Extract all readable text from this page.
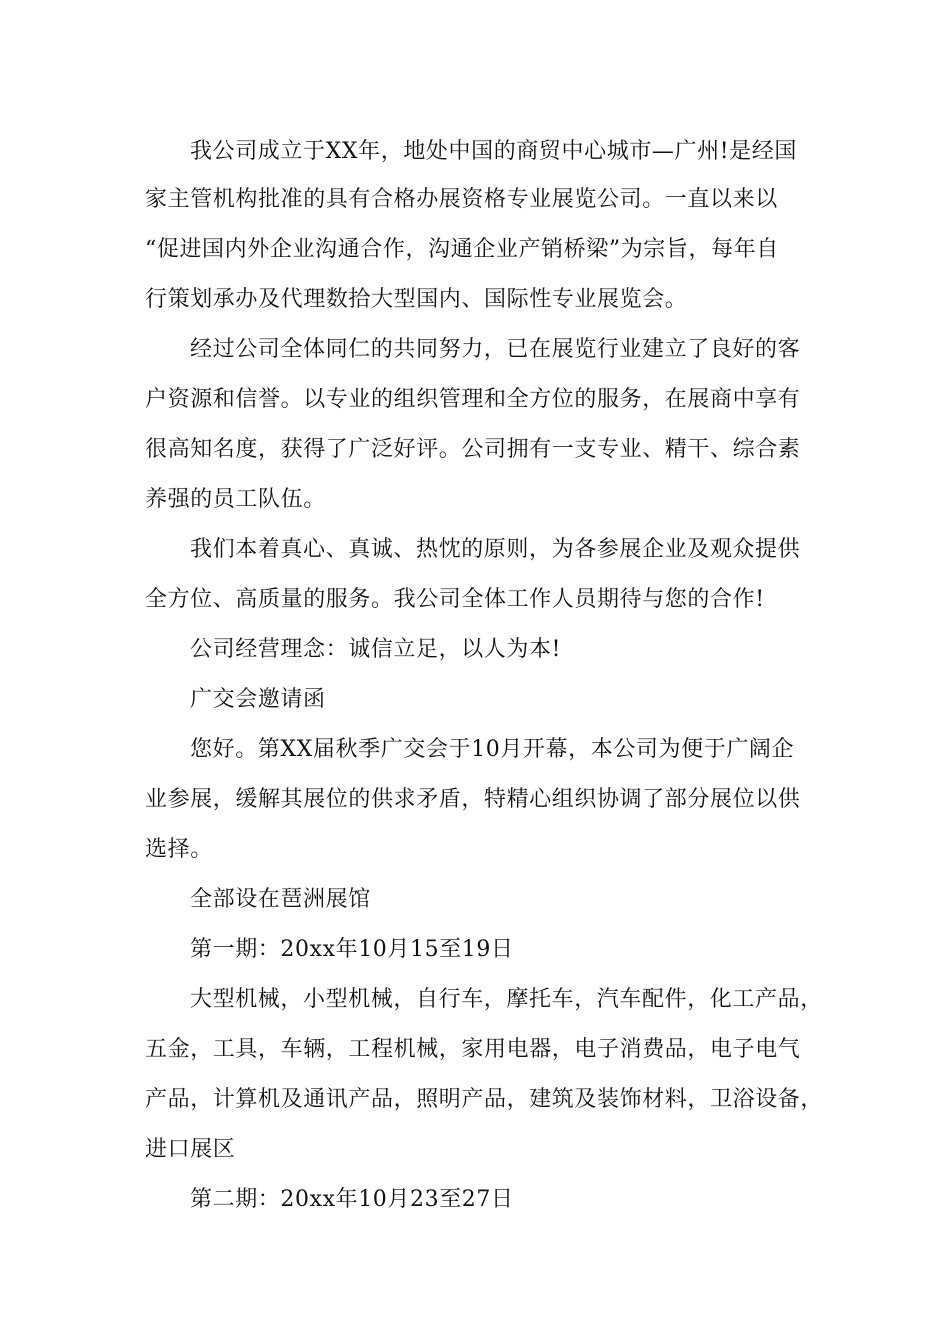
我公司成立于XX年，地处中国的商贸中心城市—广州!是经国
家主管机构批准的具有合格办展资格专业展览公司。一直以来以
“促进国内外企业沟通合作，沟通企业产销桥梁”为宗旨，每年自
行策划承办及代理数拾大型国内、国际性专业展览会。
经过公司全体同仁的共同努力，已在展览行业建立了良好的客
户资源和信誉。以专业的组织管理和全方位的服务，在展商中享有
很高知名度，获得了广泛好评。公司拥有一支专业、精干、综合素
养强的员工队伍。
我们本着真心、真诚、热忱的原则，为各参展企业及观众提供
全方位、高质量的服务。我公司全体工作人员期待与您的合作!
公司经营理念：诚信立足，以人为本!
广交会邀请函
您好。第XX届秋季广交会于10月开幕，本公司为便于广阔企
业参展，缓解其展位的供求矛盾，特精心组织协调了部分展位以供
选择。
全部设在琶洲展馆
第一期：20xx年10月15至19日
大型机械，小型机械，自行车，摩托车，汽车配件，化工产品，
五金，工具，车辆，工程机械，家用电器，电子消费品，电子电气
产品，计算机及通讯产品，照明产品，建筑及装饰材料，卫浴设备，
进口展区
第二期：20xx年10月23至27日
